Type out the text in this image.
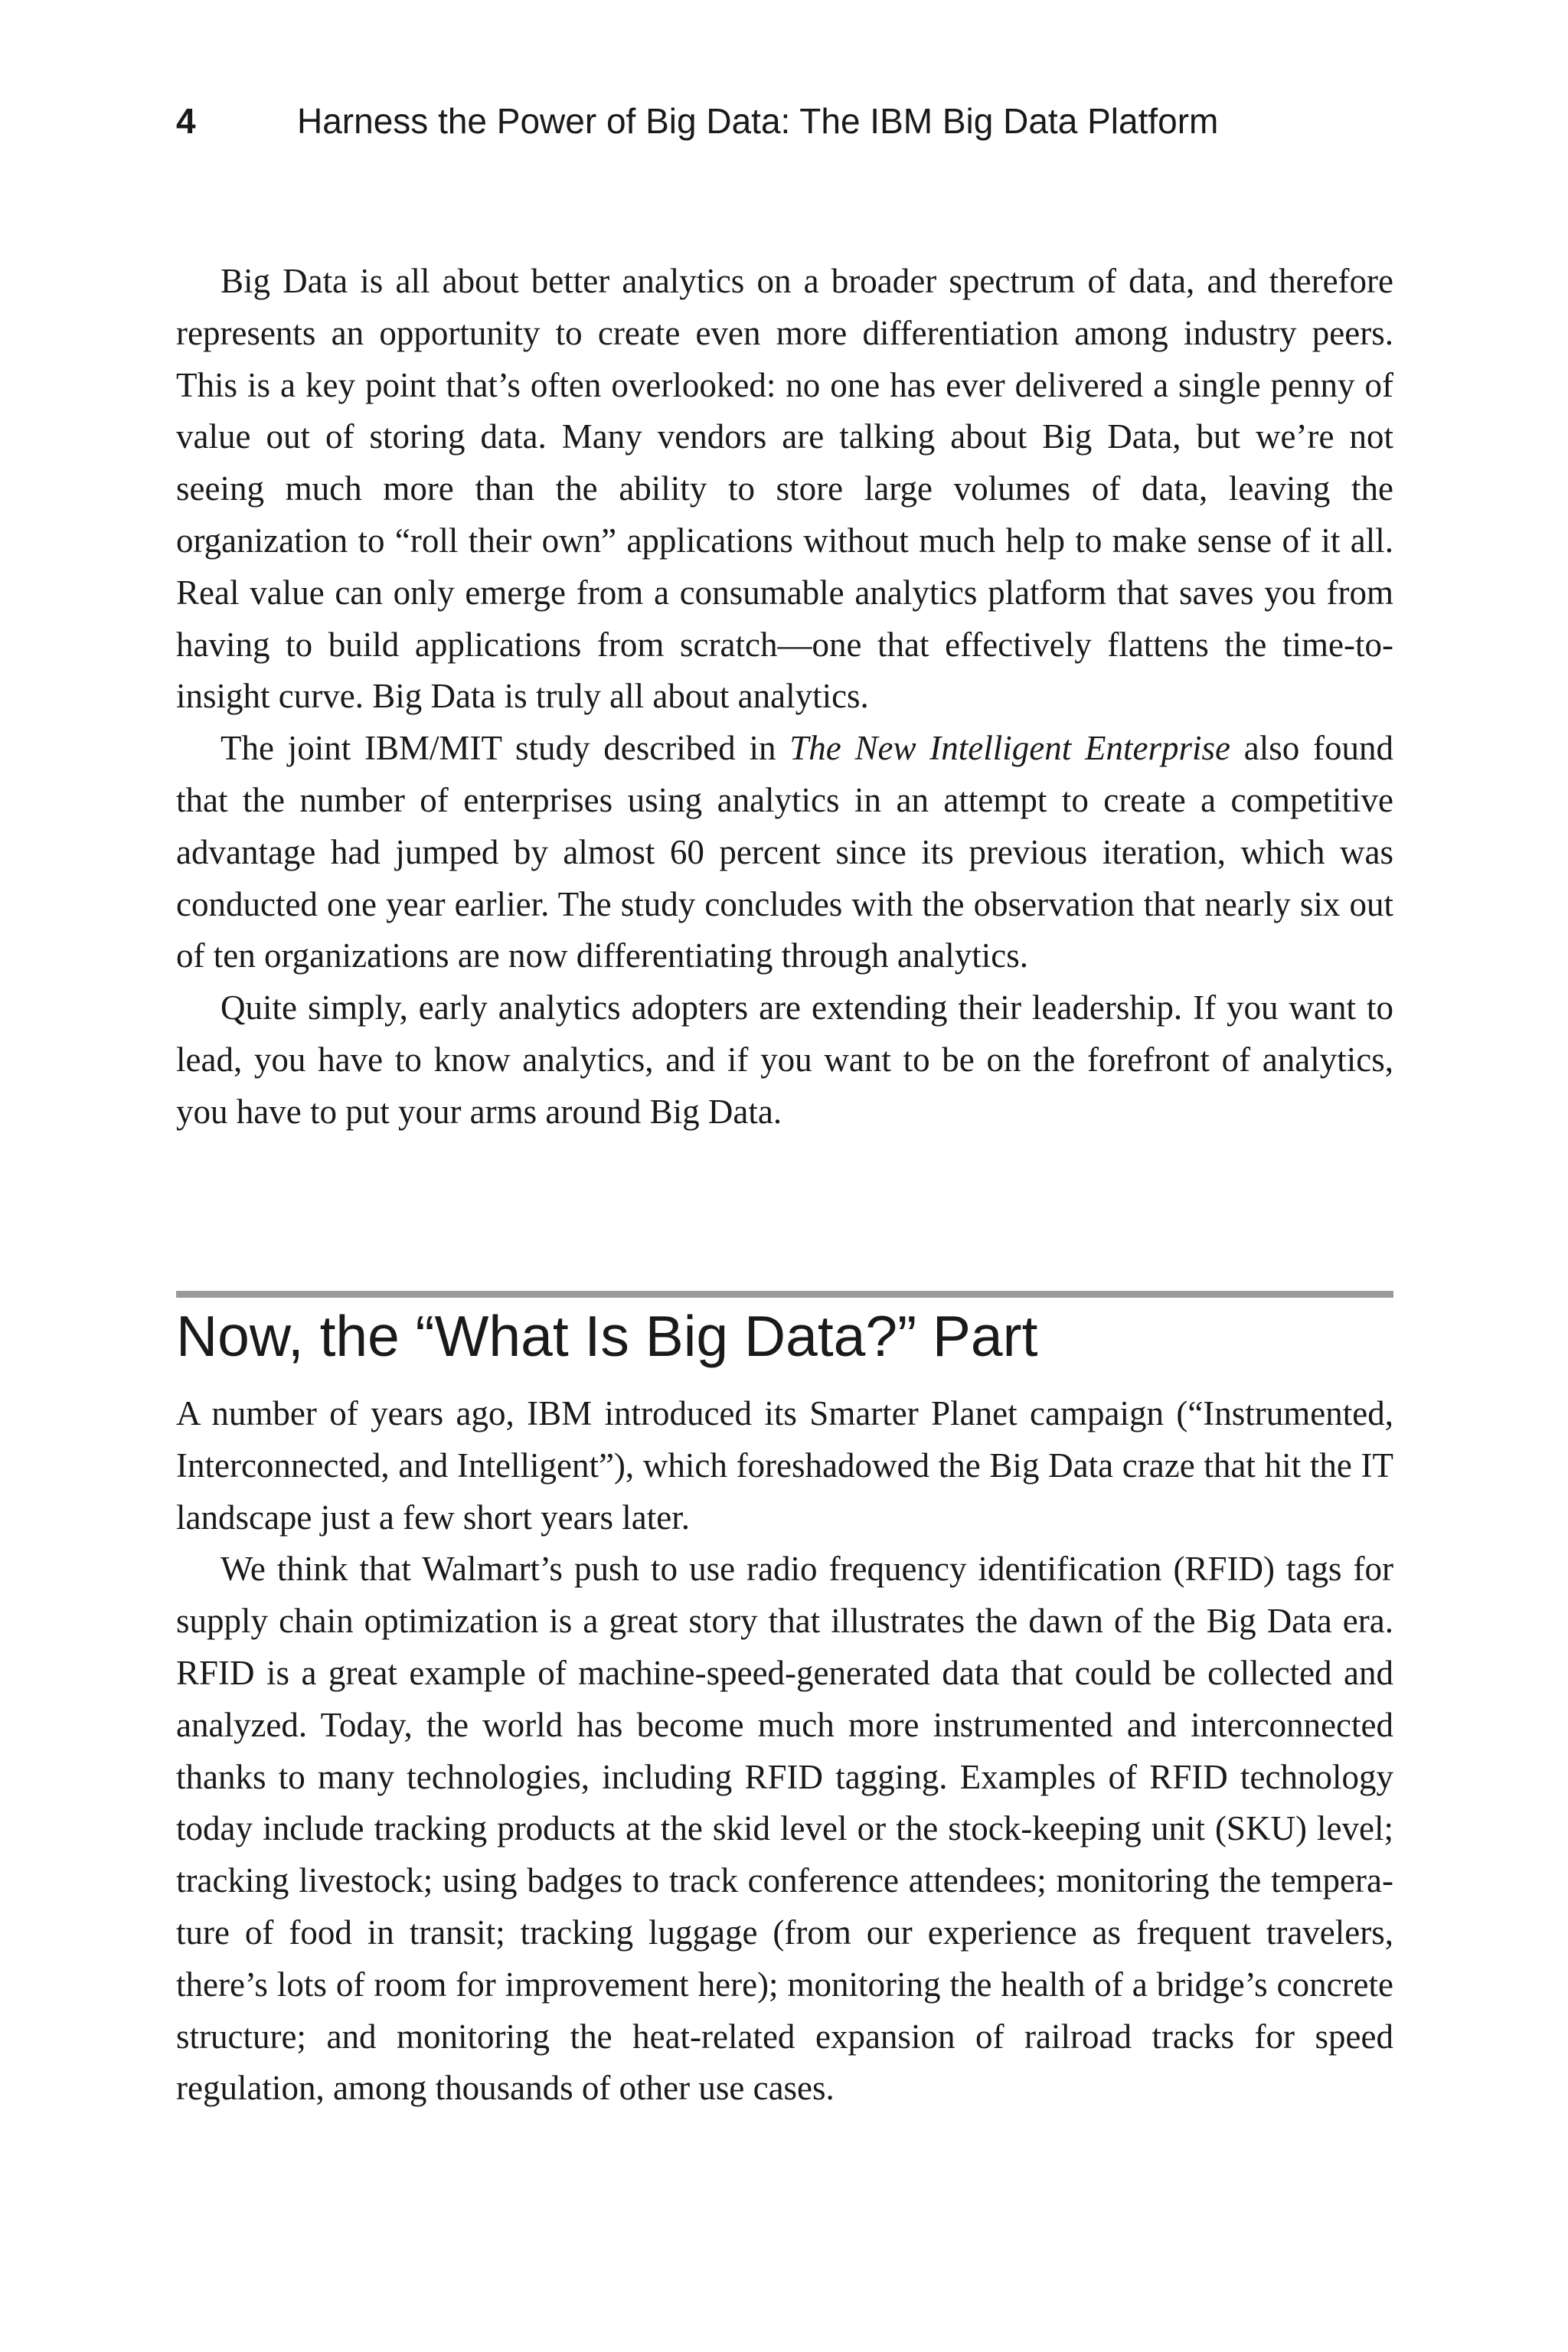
4	Harness the Power of Big Data: The IBM Big Data Platform

Big Data is all about better analytics on a broader spectrum of data, and therefore represents an opportunity to create even more differentiation among industry peers. This is a key point that’s often overlooked: no one has ever delivered a single penny of value out of storing data. Many vendors are talking about Big Data, but we’re not seeing much more than the ability to store large volumes of data, leaving the organization to “roll their own” applications without much help to make sense of it all. Real value can only emerge from a consumable analytics platform that saves you from having to build applications from scratch—one that effectively flattens the time-to-insight curve. Big Data is truly all about analytics.

The joint IBM/MIT study described in The New Intelligent Enterprise also found that the number of enterprises using analytics in an attempt to create a competitive advantage had jumped by almost 60 percent since its previous iteration, which was conducted one year earlier. The study concludes with the observation that nearly six out of ten organizations are now differentiating through analytics.

Quite simply, early analytics adopters are extending their leadership. If you want to lead, you have to know analytics, and if you want to be on the forefront of analytics, you have to put your arms around Big Data.

Now, the “What Is Big Data?” Part

A number of years ago, IBM introduced its Smarter Planet campaign (“Instrumented, Interconnected, and Intelligent”), which foreshadowed the Big Data craze that hit the IT landscape just a few short years later.

We think that Walmart’s push to use radio frequency identification (RFID) tags for supply chain optimization is a great story that illustrates the dawn of the Big Data era. RFID is a great example of machine-speed-generated data that could be collected and analyzed. Today, the world has become much more instrumented and interconnected thanks to many technologies, including RFID tagging. Examples of RFID technology today include tracking products at the skid level or the stock-keeping unit (SKU) level; tracking livestock; using badges to track conference attendees; monitoring the temperature of food in transit; tracking luggage (from our experience as frequent travelers, there’s lots of room for improvement here); monitoring the health of a bridge’s concrete structure; and monitoring the heat-related expansion of railroad tracks for speed regulation, among thousands of other use cases.
